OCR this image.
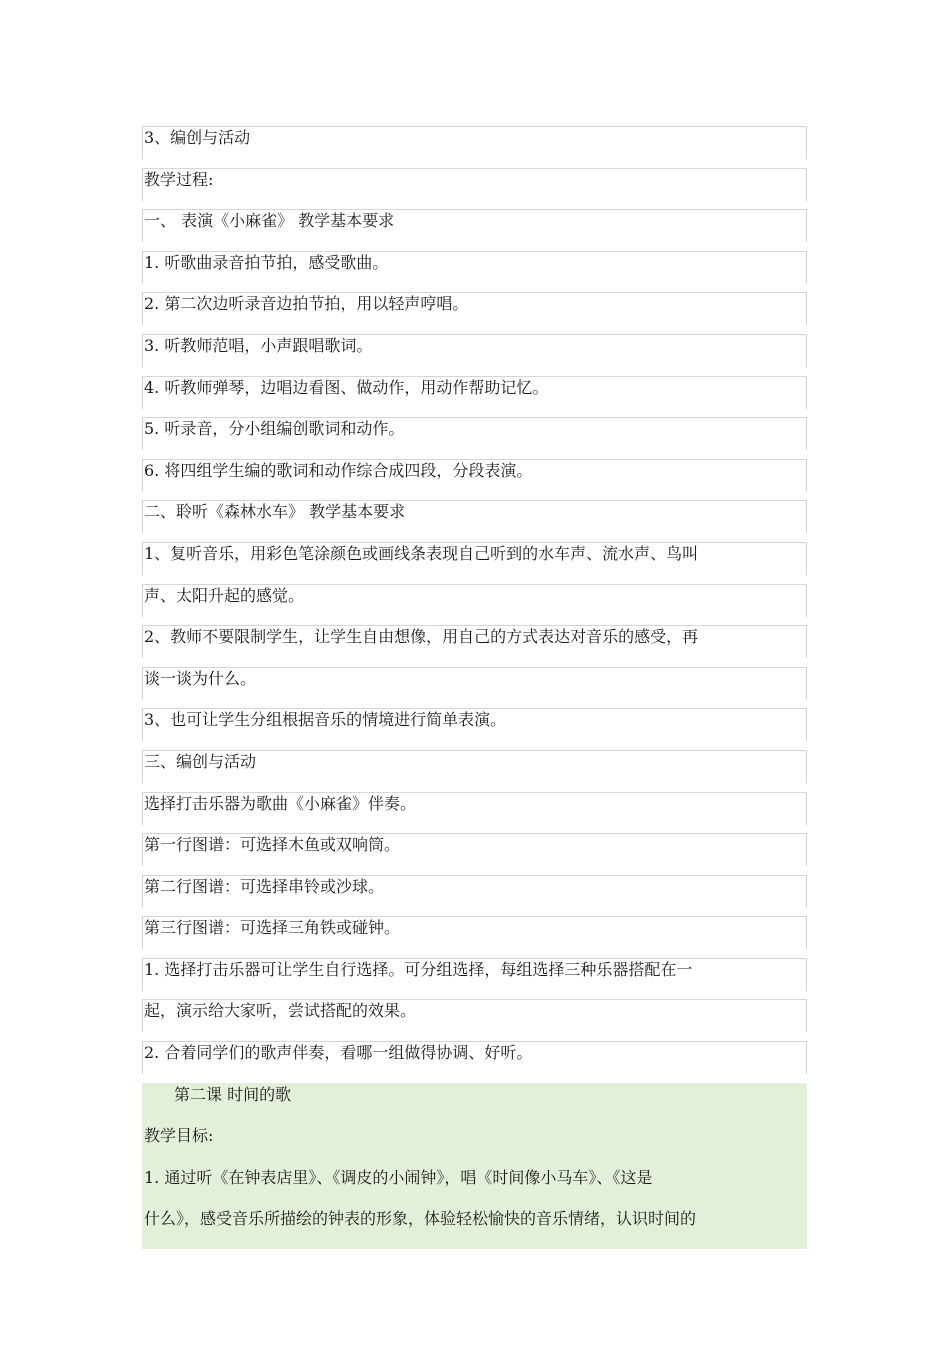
3、编创与活动
教学过程:
一、 表演《小麻雀》 教学基本要求
1. 听歌曲录音拍节拍，感受歌曲。
2. 第二次边听录音边拍节拍，用以轻声哼唱。
3. 听教师范唱，小声跟唱歌词。
4. 听教师弹琴，边唱边看图、做动作，用动作帮助记忆。
5. 听录音，分小组编创歌词和动作。
6. 将四组学生编的歌词和动作综合成四段，分段表演。
二、聆听《森林水车》 教学基本要求
1、复听音乐，用彩色笔涂颜色或画线条表现自己听到的水车声、流水声、鸟叫
声、太阳升起的感觉。
2、教师不要限制学生，让学生自由想像，用自己的方式表达对音乐的感受，再
谈一谈为什么。
3、也可让学生分组根据音乐的情境进行简单表演。
三、编创与活动
选择打击乐器为歌曲《小麻雀》伴奏。
第一行图谱：可选择木鱼或双响筒。
第二行图谱：可选择串铃或沙球。
第三行图谱：可选择三角铁或碰钟。
1. 选择打击乐器可让学生自行选择。可分组选择，每组选择三种乐器搭配在一
起，演示给大家听，尝试搭配的效果。
2. 合着同学们的歌声伴奏，看哪一组做得协调、好听。
第二课 时间的歌
教学目标:
1. 通过听《在钟表店里》、《调皮的小闹钟》，唱《时间像小马车》、《这是
什么》，感受音乐所描绘的钟表的形象，体验轻松愉快的音乐情绪，认识时间的
